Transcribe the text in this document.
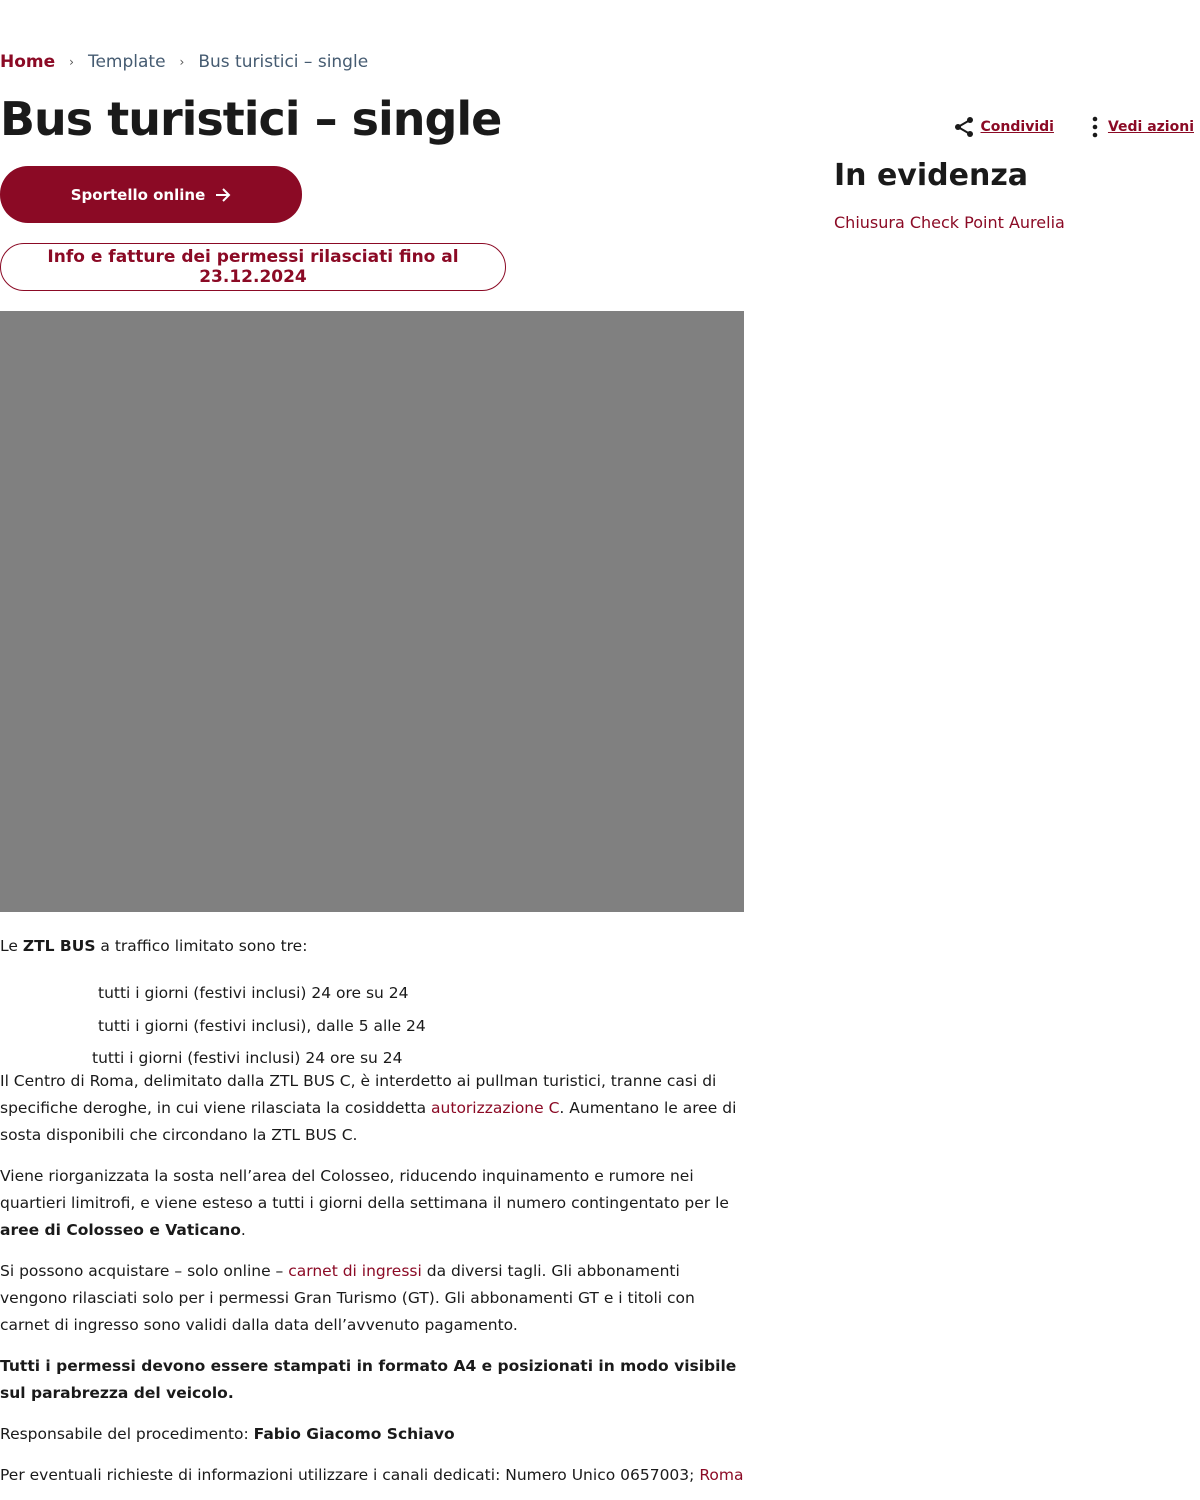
Home › Template › Bus turistici – single
Bus turistici – single	Condividi	Vedi azioni
Sportello online
Info e fatture dei permessi rilasciati fino al 23.12.2024
In evidenza
Chiusura Check Point Aurelia

Le ZTL BUS a traffico limitato sono tre:

tutti i giorni (festivi inclusi) 24 ore su 24
tutti i giorni (festivi inclusi), dalle 5 alle 24
tutti i giorni (festivi inclusi) 24 ore su 24

Il Centro di Roma, delimitato dalla ZTL BUS C, è interdetto ai pullman turistici, tranne casi di specifiche deroghe, in cui viene rilasciata la cosiddetta autorizzazione C. Aumentano le aree di sosta disponibili che circondano la ZTL BUS C.

Viene riorganizzata la sosta nell’area del Colosseo, riducendo inquinamento e rumore nei quartieri limitrofi, e viene esteso a tutti i giorni della settimana il numero contingentato per le aree di Colosseo e Vaticano.

Si possono acquistare – solo online – carnet di ingressi da diversi tagli. Gli abbonamenti vengono rilasciati solo per i permessi Gran Turismo (GT). Gli abbonamenti GT e i titoli con carnet di ingresso sono validi dalla data dell’avvenuto pagamento.

Tutti i permessi devono essere stampati in formato A4 e posizionati in modo visibile sul parabrezza del veicolo.

Responsabile del procedimento: Fabio Giacomo Schiavo

Per eventuali richieste di informazioni utilizzare i canali dedicati: Numero Unico 0657003; Roma
